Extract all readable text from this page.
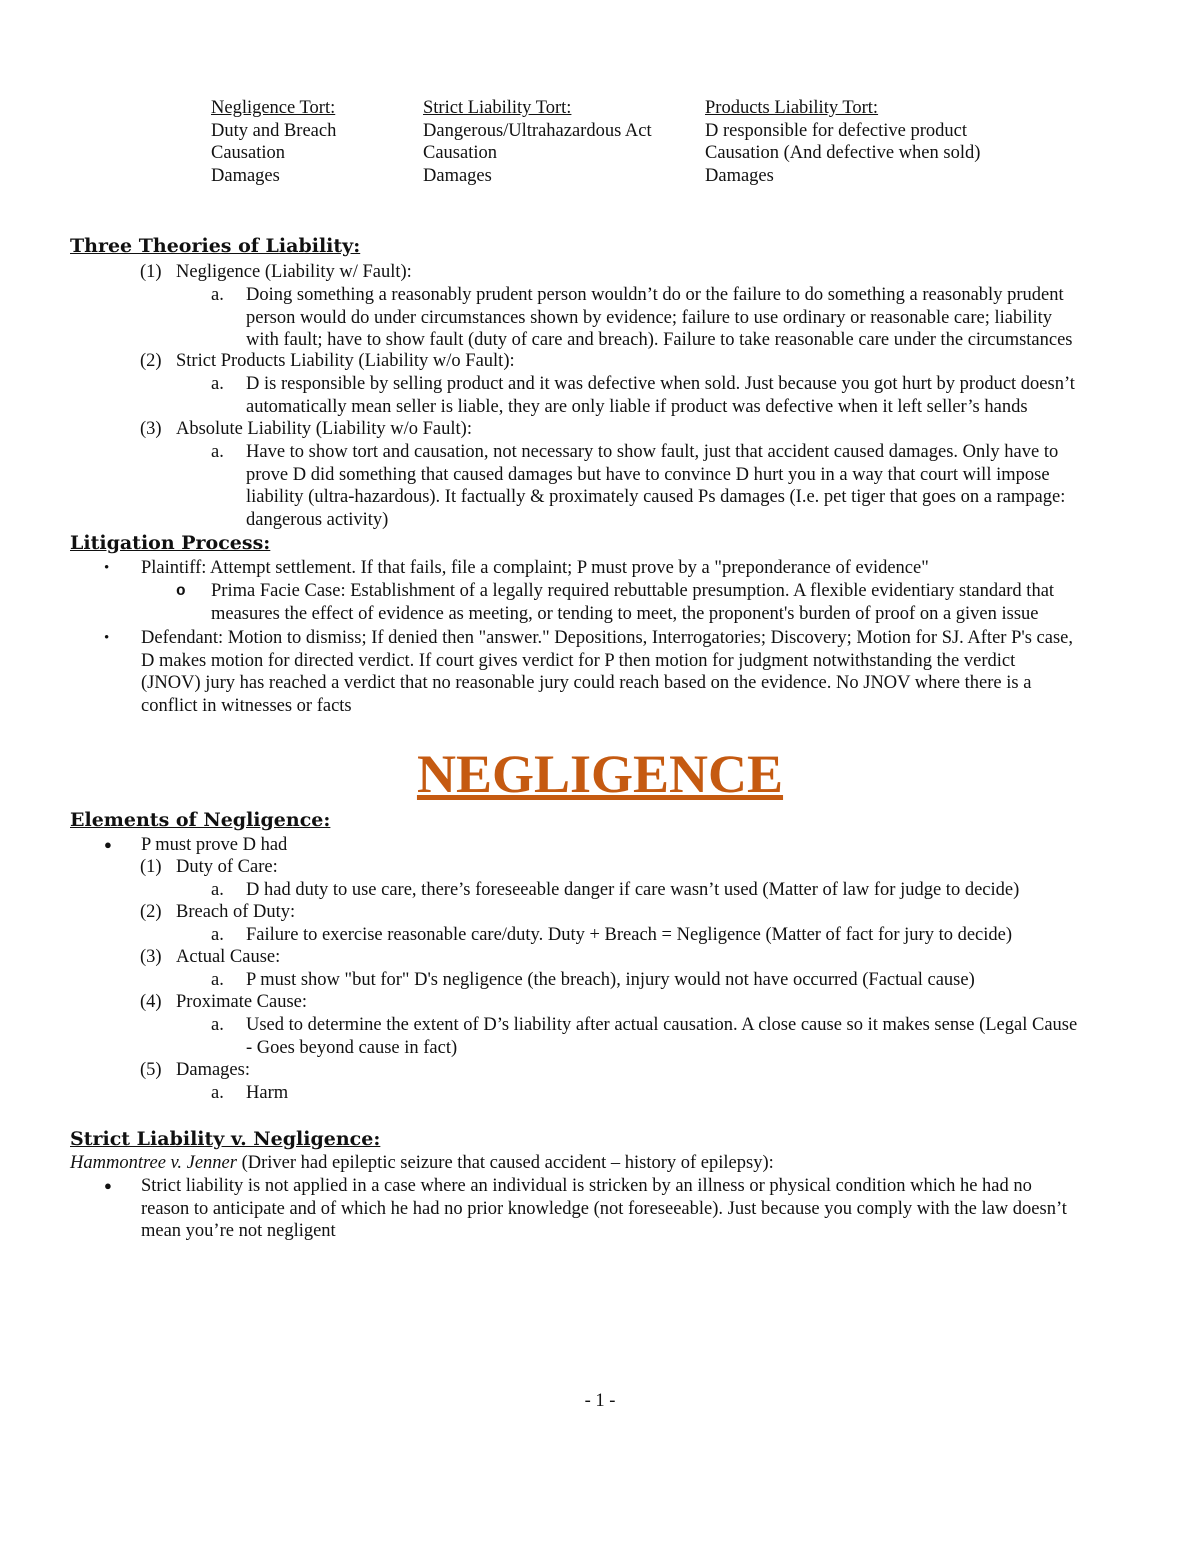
Negligence Tort:
Duty and Breach
Causation
Damages
Strict Liability Tort:
Dangerous/Ultrahazardous Act
Causation
Damages
Products Liability Tort:
D responsible for defective product
Causation (And defective when sold)
Damages
Three Theories of Liability:
(1) Negligence (Liability w/ Fault):
a. Doing something a reasonably prudent person wouldn’t do or the failure to do something a reasonably prudent
person would do under circumstances shown by evidence; failure to use ordinary or reasonable care; liability
with fault; have to show fault (duty of care and breach). Failure to take reasonable care under the circumstances
(2) Strict Products Liability (Liability w/o Fault):
a. D is responsible by selling product and it was defective when sold. Just because you got hurt by product doesn’t
automatically mean seller is liable, they are only liable if product was defective when it left seller’s hands
(3) Absolute Liability (Liability w/o Fault):
a. Have to show tort and causation, not necessary to show fault, just that accident caused damages. Only have to
prove D did something that caused damages but have to convince D hurt you in a way that court will impose
liability (ultra-hazardous). It factually & proximately caused Ps damages (I.e. pet tiger that goes on a rampage:
dangerous activity)
Litigation Process:
• Plaintiff: Attempt settlement. If that fails, file a complaint; P must prove by a "preponderance of evidence"
o Prima Facie Case: Establishment of a legally required rebuttable presumption. A flexible evidentiary standard that
measures the effect of evidence as meeting, or tending to meet, the proponent's burden of proof on a given issue
• Defendant: Motion to dismiss; If denied then "answer." Depositions, Interrogatories; Discovery; Motion for SJ. After P's case,
D makes motion for directed verdict. If court gives verdict for P then motion for judgment notwithstanding the verdict
(JNOV) jury has reached a verdict that no reasonable jury could reach based on the evidence. No JNOV where there is a
conflict in witnesses or facts
NEGLIGENCE
Elements of Negligence:
● P must prove D had
(1) Duty of Care:
a. D had duty to use care, there’s foreseeable danger if care wasn’t used (Matter of law for judge to decide)
(2) Breach of Duty:
a. Failure to exercise reasonable care/duty. Duty + Breach = Negligence (Matter of fact for jury to decide)
(3) Actual Cause:
a. P must show "but for" D's negligence (the breach), injury would not have occurred (Factual cause)
(4) Proximate Cause:
a. Used to determine the extent of D’s liability after actual causation. A close cause so it makes sense (Legal Cause
- Goes beyond cause in fact)
(5) Damages:
a. Harm
Strict Liability v. Negligence:
Hammontree v. Jenner (Driver had epileptic seizure that caused accident – history of epilepsy):
● Strict liability is not applied in a case where an individual is stricken by an illness or physical condition which he had no
reason to anticipate and of which he had no prior knowledge (not foreseeable). Just because you comply with the law doesn’t
mean you’re not negligent
- 1 -
